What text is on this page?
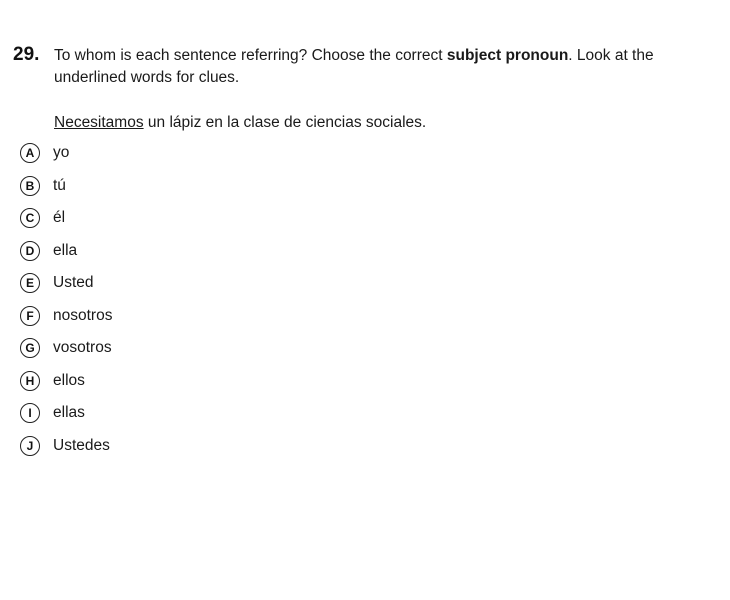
29. To whom is each sentence referring? Choose the correct subject pronoun. Look at the underlined words for clues.
Necesitamos un lápiz en la clase de ciencias sociales.
A	yo
B	tú
C	él
D	ella
E	Usted
F	nosotros
G	vosotros
H	ellos
I	ellas
J	Ustedes
